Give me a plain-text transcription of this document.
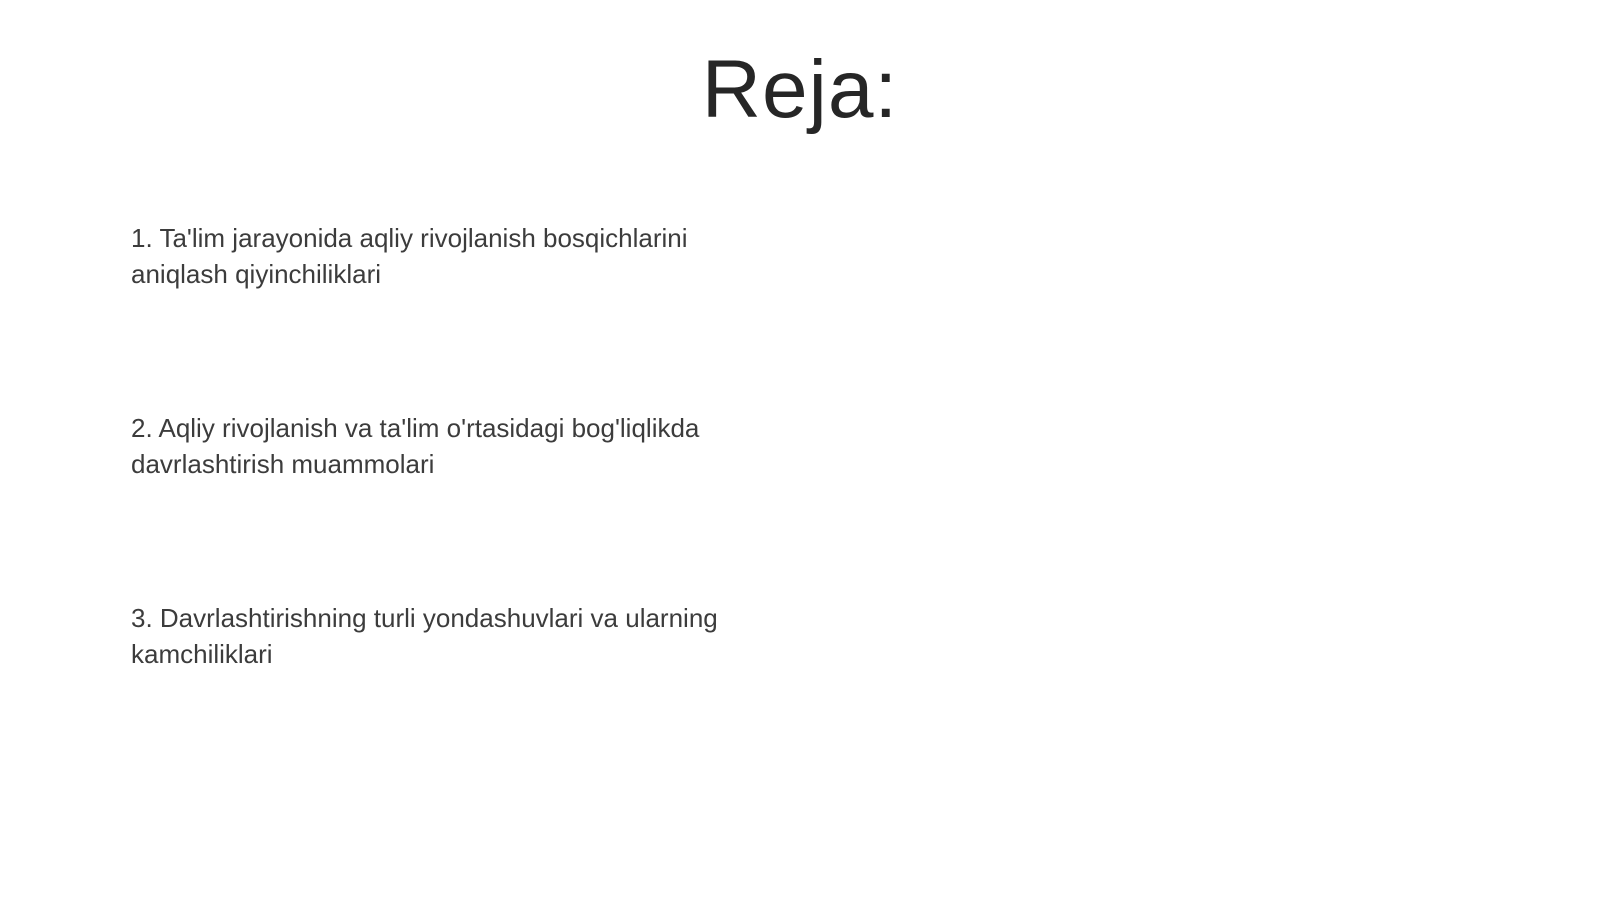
Reja:
1. Ta'lim jarayonida aqliy rivojlanish bosqichlarini aniqlash qiyinchiliklari
2. Aqliy rivojlanish va ta'lim o'rtasidagi bog'liqlikda davrlashtirish muammolari
3. Davrlashtirishning turli yondashuvlari va ularning kamchiliklari
